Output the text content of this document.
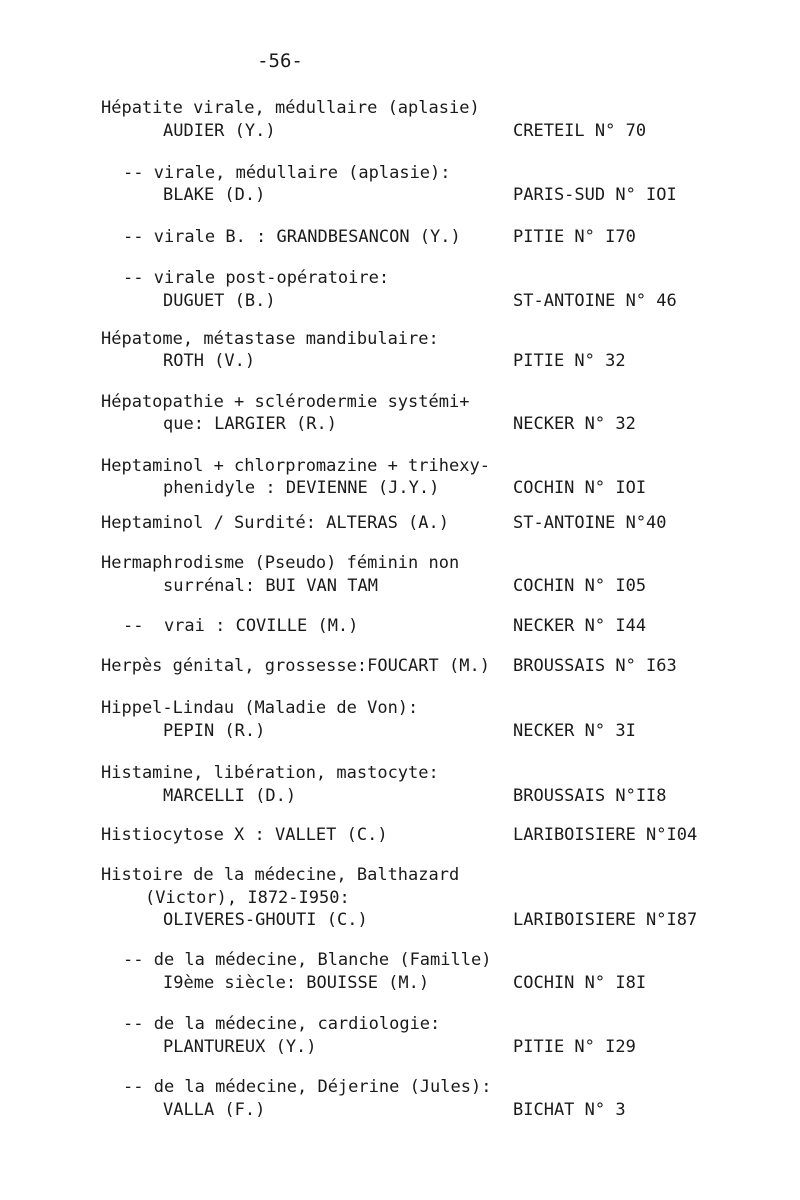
-56-
Hépatite virale, médullaire (aplasie)
AUDIER (Y.)	CRETEIL N° 70
-- virale, médullaire (aplasie):
BLAKE (D.)	PARIS-SUD N° IOI
-- virale B. : GRANDBESANCON (Y.)	PITIE N° I70
-- virale post-opératoire:
DUGUET (B.)	ST-ANTOINE N° 46
Hépatome, métastase mandibulaire:
ROTH (V.)	PITIE N° 32
Hépatopathie + sclérodermie systémi+
que: LARGIER (R.)	NECKER N° 32
Heptaminol + chlorpromazine + trihexy-
phenidyle : DEVIENNE (J.Y.)	COCHIN N° IOI
Heptaminol / Surdité: ALTERAS (A.)	ST-ANTOINE N°40
Hermaphrodisme (Pseudo) féminin non
surrénal: BUI VAN TAM	COCHIN N° I05
--  vrai : COVILLE (M.)	NECKER N° I44
Herpès génital, grossesse:FOUCART (M.) BROUSSAIS N° I63
Hippel-Lindau (Maladie de Von):
PEPIN (R.)	NECKER N° 3I
Histamine, libération, mastocyte:
MARCELLI (D.)	BROUSSAIS N°II8
Histiocytose X : VALLET (C.)	LARIBOISIERE N°I04
Histoire de la médecine, Balthazard
(Victor), I872-I950:
OLIVERES-GHOUTI (C.)	LARIBOISIERE N°I87
-- de la médecine, Blanche (Famille)
I9ème siècle: BOUISSE (M.)	COCHIN N° I8I
-- de la médecine, cardiologie:
PLANTUREUX (Y.)	PITIE N° I29
-- de la médecine, Déjerine (Jules):
VALLA (F.)	BICHAT N° 3
